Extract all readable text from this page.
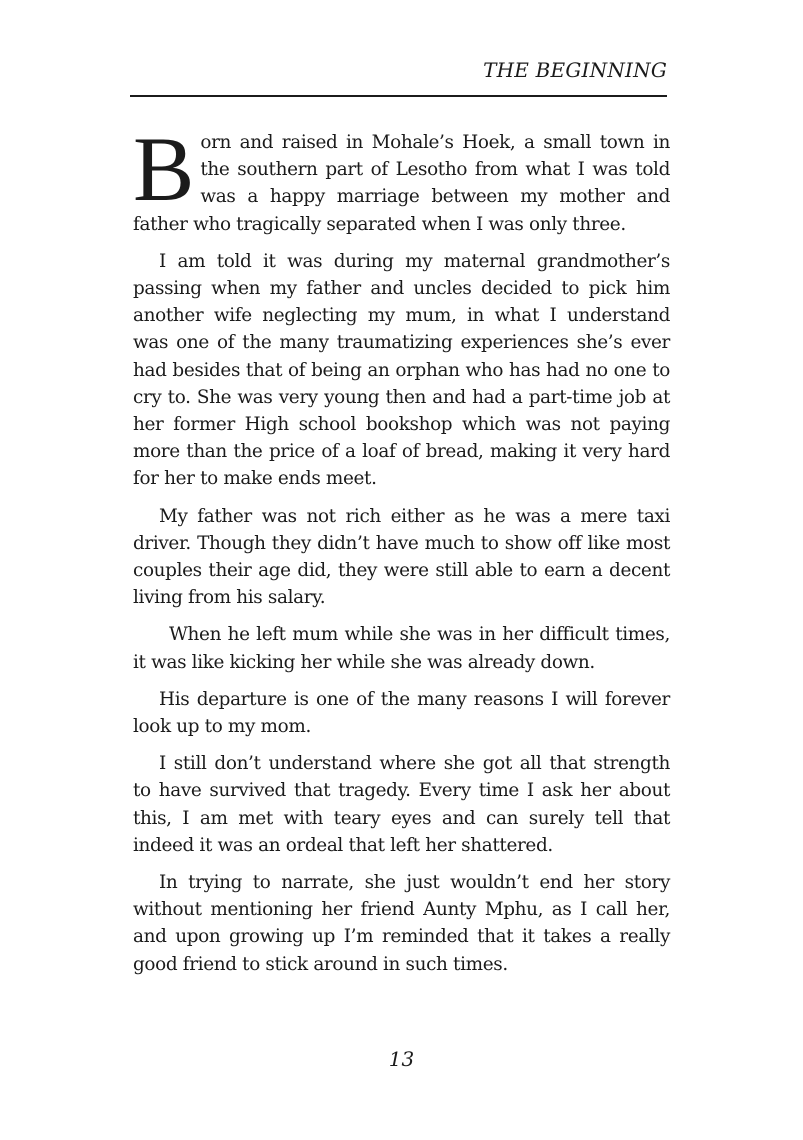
THE BEGINNING

Born and raised in Mohale’s Hoek, a small town in the southern part of Lesotho from what I was told was a happy marriage between my mother and father who tragically separated when I was only three.

I am told it was during my maternal grandmother’s passing when my father and uncles decided to pick him another wife neglecting my mum, in what I understand was one of the many traumatizing experiences she’s ever had besides that of being an orphan who has had no one to cry to. She was very young then and had a part-time job at her former High school bookshop which was not paying more than the price of a loaf of bread, making it very hard for her to make ends meet.

My father was not rich either as he was a mere taxi driver. Though they didn’t have much to show off like most couples their age did, they were still able to earn a decent living from his salary.

When he left mum while she was in her difficult times, it was like kicking her while she was already down.

His departure is one of the many reasons I will forever look up to my mom.

I still don’t understand where she got all that strength to have survived that tragedy. Every time I ask her about this, I am met with teary eyes and can surely tell that indeed it was an ordeal that left her shattered.

In trying to narrate, she just wouldn’t end her story without mentioning her friend Aunty Mphu, as I call her, and upon growing up I’m reminded that it takes a really good friend to stick around in such times.

13
